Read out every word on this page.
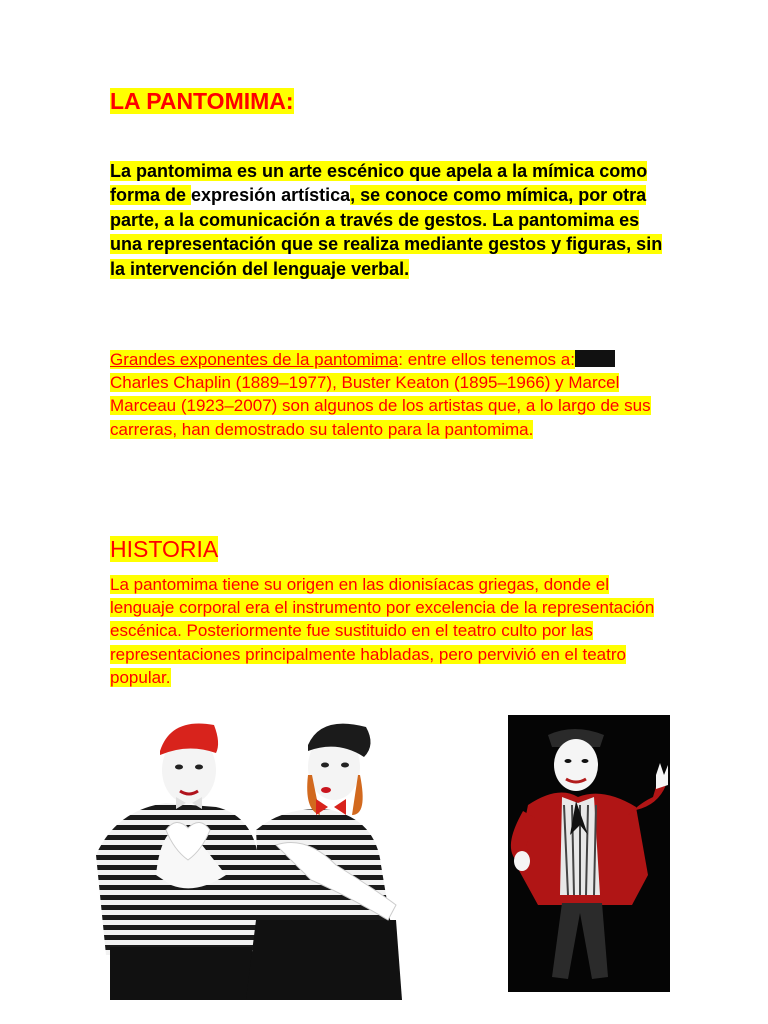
LA PANTOMIMA:
La pantomima es un arte escénico que apela a la mímica como forma de expresión artística, se conoce como mímica, por otra parte, a la comunicación a través de gestos. La pantomima es una representación que se realiza mediante gestos y figuras, sin la intervención del lenguaje verbal.
Grandes exponentes de la pantomima: entre ellos tenemos a: Charles Chaplin (1889–1977), Buster Keaton (1895–1966) y Marcel Marceau (1923–2007) son algunos de los artistas que, a lo largo de sus carreras, han demostrado su talento para la pantomima.
HISTORIA
La pantomima tiene su origen en las dionisíacas griegas, donde el lenguaje corporal era el instrumento por excelencia de la representación escénica. Posteriormente fue sustituido en el teatro culto por las representaciones principalmente habladas, pero pervivió en el teatro popular.
